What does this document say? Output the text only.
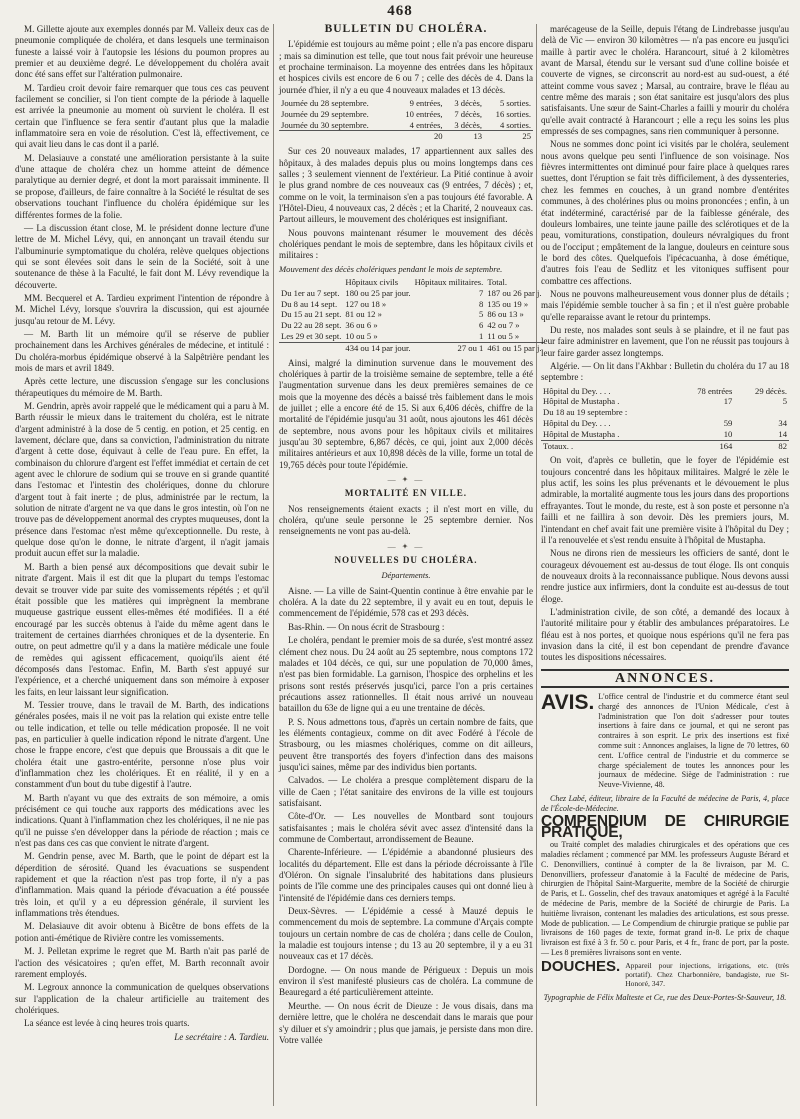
468

M. Gillette ajoute aux exemples donnés par M. Valleix deux cas de pneumonie compliquée de choléra, et dans lesquels une terminaison funeste a laissé voir à l'autopsie les lésions du poumon propres au premier et au deuxième degré. Le développement du choléra avait donc été sans effet sur l'altération pulmonaire.

M. Tardieu croit devoir faire remarquer que tous ces cas peuvent facilement se concilier, si l'on tient compte de la période à laquelle est arrivée la pneumonie au moment où survient le choléra. Il est certain que l'influence se fera sentir d'autant plus que la maladie inflammatoire sera en voie de résolution. C'est là, effectivement, ce qui avait lieu dans le cas dont il a parlé.

M. Delasiauve a constaté une amélioration persistante à la suite d'une attaque de choléra chez un homme atteint de démence paralytique au dernier degré, et dont la mort paraissait imminente. Il se propose, d'ailleurs, de faire connaître à la Société le résultat de ses observations touchant l'influence du choléra épidémique sur les différentes formes de la folie.

— La discussion étant close, M. le président donne lecture d'une lettre de M. Michel Lévy, qui, en annonçant un travail étendu sur l'albuminurie symptomatique du choléra, relève quelques objections qui se sont élevées soit dans le sein de la Société, soit à une soutenance de thèse à la Faculté, le fait dont M. Lévy revendique la découverte.

MM. Becquerel et A. Tardieu expriment l'intention de répondre à M. Michel Lévy, lorsque s'ouvrira la discussion, qui est ajournée jusqu'au retour de M. Lévy.

— M. Barth lit un mémoire qu'il se réserve de publier prochainement dans les Archives générales de médecine, et intitulé : Du choléra-morbus épidémique observé à la Salpêtrière pendant les mois de mars et avril 1849.

Après cette lecture, une discussion s'engage sur les conclusions thérapeutiques du mémoire de M. Barth.

M. Gendrin, après avoir rappelé que le médicament qui a paru à M. Barth réussir le mieux dans le traitement du choléra, est le nitrate d'argent administré à la dose de 5 centig. en potion, et 25 centig. en lavement, déclare que, dans sa conviction, l'administration du nitrate d'argent à cette dose, équivaut à celle de l'eau pure. En effet, la combinaison du chlorure d'argent est l'effet immédiat et certain de cet agent avec le chlorure de sodium qui se trouve en si grande quantité dans l'estomac et l'intestin des cholériques, donne du chlorure d'argent tout à fait inerte ; de plus, administrée par le rectum, la solution de nitrate d'argent ne va que dans le gros intestin, où l'on ne trouve pas de développement anormal des cryptes muqueuses, dont la présence dans l'estomac n'est même qu'exceptionnelle. Du reste, à quelque dose qu'on le donne, le nitrate d'argent, il n'agit jamais produit aucun effet sur la maladie.

M. Barth a bien pensé aux décompositions que devait subir le nitrate d'argent. Mais il est dit que la plupart du temps l'estomac devait se trouver vide par suite des vomissements répétés ; et qu'il était possible que les matières qui imprègnent la membrane muqueuse gastrique eussent elles-mêmes été modifiées. Il a été encouragé par les succès obtenus à l'aide du même agent dans le traitement de certaines diarrhées chroniques et de la dysenterie. En outre, on peut admettre qu'il y a dans la matière médicale une foule de remèdes qui agissent efficacement, quoiqu'ils aient été décomposés dans l'estomac. Enfin, M. Barth s'est appuyé sur l'expérience, et a cherché uniquement dans son mémoire à exposer les faits, en leur laissant leur signification.

M. Tessier trouve, dans le travail de M. Barth, des indications générales posées, mais il ne voit pas la relation qui existe entre telle ou telle indication, et telle ou telle médication proposée. Il ne voit pas, en particulier à quelle indication répond le nitrate d'argent. Une chose le frappe encore, c'est que depuis que Broussais a dit que le choléra était une gastro-entérite, personne n'ose plus voir d'inflammation chez les cholériques. Et en réalité, il y en a constamment d'un bout du tube digestif à l'autre.

M. Barth n'ayant vu que des extraits de son mémoire, a omis précisément ce qui touche aux rapports des médications avec les indications. Quant à l'inflammation chez les cholériques, il ne nie pas qu'il ne puisse s'en développer dans la période de réaction ; mais ce n'est pas dans ces cas que convient le nitrate d'argent.

M. Gendrin pense, avec M. Barth, que le point de départ est la déperdition de sérosité. Quand les évacuations se suspendent rapidement et que la réaction n'est pas trop forte, il n'y a pas d'inflammation. Mais quand la période d'évacuation a été poussée très loin, et qu'il y a eu dépression générale, il survient les inflammations très étendues.

M. Delasiauve dit avoir obtenu à Bicêtre de bons effets de la potion anti-émétique de Rivière contre les vomissements.

M. J. Pelletan exprime le regret que M. Barth n'ait pas parlé de l'action des vésicatoires ; qu'en effet, M. Barth reconnaît avoir rarement employés.

M. Legroux annonce la communication de quelques observations sur l'application de la chaleur artificielle au traitement des cholériques.

La séance est levée à cinq heures trois quarts.

Le secrétaire : A. Tardieu.

BULLETIN DU CHOLÉRA.

L'épidémie est toujours au même point ; elle n'a pas encore disparu ; mais sa diminution est telle, que tout nous fait prévoir une heureuse et prochaine terminaison. La moyenne des entrées dans les hôpitaux et hospices civils est encore de 6 ou 7 ; celle des décès de 4. Dans la journée d'hier, il n'y a eu que 4 nouveaux malades et 13 décès.

Journée du 28 septembre.	9 entrées,	3 décès,	5 sorties.
Journée du 29 septembre.	10 entrées,	7 décès,	16 sorties.
Journée du 30 septembre.	4 entrées,	3 décès,	4 sorties.
	20	13	25

Sur ces 20 nouveaux malades, 17 appartiennent aux salles des hôpitaux, à des malades depuis plus ou moins longtemps dans ces salles ; 3 seulement viennent de l'extérieur. La Pitié continue à avoir le plus grand nombre de ces nouveaux cas (9 entrées, 7 décès) ; et, comme on le voit, la terminaison s'en a pas toujours été favorable. A l'Hôtel-Dieu, 4 nouveaux cas, 2 décès ; et la Charité, 2 nouveaux cas. Partout ailleurs, le mouvement des cholériques est insignifiant.

Nous pouvons maintenant résumer le mouvement des décès cholériques pendant le mois de septembre, dans les hôpitaux civils et militaires :

Mouvement des décès cholériques pendant le mois de septembre.

	Hôpitaux civils	Hôpitaux militaires.	Total.
Du 1er au 7 sept.	180 ou 25 par jour.	7	187 ou 26 par j.
Du 8 au 14 sept.	127 ou 18 »	8	135 ou 19 »
Du 15 au 21 sept.	81 ou 12 »	5	86 ou 13 »
Du 22 au 28 sept.	36 ou 6 »	6	42 ou 7 »
Les 29 et 30 sept.	10 ou 5 »	1	11 ou 5 »
	434 ou 14 par jour.	27 ou 1	461 ou 15 par j.

Ainsi, malgré la diminution survenue dans le mouvement des cholériques à partir de la troisième semaine de septembre, telle a été l'augmentation survenue dans les deux premières semaines de ce mois que la moyenne des décès a baissé très faiblement dans le mois de juillet ; elle a encore été de 15. Si aux 6,406 décès, chiffre de la mortalité de l'épidémie jusqu'au 31 août, nous ajoutons les 461 décès de septembre, nous avons pour les hôpitaux civils et militaires jusqu'au 30 septembre, 6,867 décès, ce qui, joint aux 2,000 décès militaires antérieurs et aux 10,898 décès de la ville, forme un total de 19,765 décès pour toute l'épidémie.

— ✦ —
MORTALITÉ EN VILLE.

Nos renseignements étaient exacts ; il n'est mort en ville, du choléra, qu'une seule personne le 25 septembre dernier. Nos renseignements ne vont pas au-delà.

— ✦ —
NOUVELLES DU CHOLÉRA.
Départements.

Aisne. — La ville de Saint-Quentin continue à être envahie par le choléra. A la date du 22 septembre, il y avait eu en tout, depuis le commencement de l'épidémie, 578 cas et 293 décès.

Bas-Rhin. — On nous écrit de Strasbourg :

Le choléra, pendant le premier mois de sa durée, s'est montré assez clément chez nous. Du 24 août au 25 septembre, nous comptons 172 malades et 104 décès, ce qui, sur une population de 70,000 âmes, n'est pas bien formidable. La garnison, l'hospice des orphelins et les prisons sont restés préservés jusqu'ici, parce l'on a pris certaines précautions assez rationnelles. Il était nous arrivé un nouveau bataillon du 63e de ligne qui a eu une trentaine de décès.

P. S. Nous admettons tous, d'après un certain nombre de faits, que les éléments contagieux, comme on dit avec Fodéré à l'école de Strasbourg, ou les miasmes cholériques, comme on dit ailleurs, peuvent être transportés des foyers d'infection dans des maisons jusqu'ici saines, même par des individus bien portants.

Calvados. — Le choléra a presque complètement disparu de la ville de Caen ; l'état sanitaire des environs de la ville est toujours satisfaisant.

Côte-d'Or. — Les nouvelles de Montbard sont toujours satisfaisantes ; mais le choléra sévit avec assez d'intensité dans la commune de Combertaut, arrondissement de Beaune.

Charente-Inférieure. — L'épidémie a abandonné plusieurs des localités du département. Elle est dans la période décroissante à l'île d'Oléron. On signale l'insalubrité des habitations dans plusieurs points de l'île comme une des principales causes qui ont donné lieu à l'intensité de l'épidémie dans ces derniers temps.

Deux-Sèvres. — L'épidémie a cessé à Mauzé depuis le commencement du mois de septembre. La commune d'Arçais compte toujours un certain nombre de cas de choléra ; dans celle de Coulon, la maladie est toujours intense ; du 13 au 20 septembre, il y a eu 31 nouveaux cas et 17 décès.

Dordogne. — On nous mande de Périgueux : Depuis un mois environ il s'est manifesté plusieurs cas de choléra. La commune de Beauregard a été particulièrement atteinte.

Meurthe. — On nous écrit de Dieuze : Je vous disais, dans ma dernière lettre, que le choléra ne descendait dans le marais que pour s'y diluer et s'y amoindrir ; plus que jamais, je persiste dans mon dire. Votre vallée

marécageuse de la Seille, depuis l'étang de Lindrebasse jusqu'au delà de Vic — environ 30 kilomètres — n'a pas encore eu jusqu'ici maille à partir avec le choléra. Harancourt, situé à 2 kilomètres avant de Marsal, étendu sur le versant sud d'une colline boisée et couverte de vignes, se circonscrit au nord-est au sud-ouest, a été atteint comme vous savez ; Marsal, au contraire, brave le fléau au centre même des marais ; son état sanitaire est jusqu'alors des plus satisfaisants. Une sœur de Saint-Charles a failli y mourir du choléra qu'elle avait contracté à Harancourt ; elle a reçu les soins les plus empressés de ses compagnes, sans rien communiquer à personne.

Nous ne sommes donc point ici visités par le choléra, seulement nous avons quelque peu senti l'influence de son voisinage. Nos fièvres intermittentes ont diminué pour faire place à quelques rares suettes, dont l'éruption se fait très difficilement, à des dyssenteries, chez les femmes en couches, à un grand nombre d'entérites communes, à des cholérines plus ou moins prononcées ; enfin, à un état indéterminé, caractérisé par de la faiblesse générale, des douleurs lombaires, une teinte jaune paille des sclérotiques et de la peau, vomiturations, constipation, douleurs névralgiques du front ou de l'occiput ; empâtement de la langue, douleurs en ceinture sous le bord des côtes. Quelquefois l'ipécacuanha, à dose émétique, d'autres fois l'eau de Sedlitz et les vitoniques suffisent pour combattre ces affections.

Nous ne pouvons malheureusement vous donner plus de détails ; mais l'épidémie semble toucher à sa fin ; et il n'est guère probable qu'elle reparaisse avant le retour du printemps.

Du reste, nos malades sont seuls à se plaindre, et il ne faut pas leur faire administrer en lavement, que l'on ne réussit pas toujours à leur faire garder assez longtemps.

Algérie. — On lit dans l'Akhbar : Bulletin du choléra du 17 au 18 septembre :

Hôpital du Dey. . . .	78 entrées	29 décès.
Hôpital de Mustapha .	17	5
Du 18 au 19 septembre :		
Hôpital du Dey. . . .	59	34
Hôpital de Mustapha .	10	14
Totaux. .	164	82

On voit, d'après ce bulletin, que le foyer de l'épidémie est toujours concentré dans les hôpitaux militaires. Malgré le zèle le plus actif, les soins les plus prévenants et le dévouement le plus admirable, la mortalité augmente tous les jours dans des proportions effrayantes. Tout le monde, du reste, est à son poste et personne n'a failli et ne faillira à son devoir. Dès les premiers jours, M. l'intendant en chef avait fait une première visite à l'hôpital du Dey ; il l'a renouvelée et s'est rendu ensuite à l'hôpital de Mustapha.

Nous ne dirons rien de messieurs les officiers de santé, dont le courageux dévouement est au-dessus de tout éloge. Ils ont conquis de nouveaux droits à la reconnaissance publique. Nous devons aussi rendre justice aux infirmiers, dont la conduite est au-dessus de tout éloge.

L'administration civile, de son côté, a demandé des locaux à l'autorité militaire pour y établir des ambulances préparatoires. Le fléau est à nos portes, et quoique nous espérions qu'il ne fera pas invasion dans la cité, il est bon cependant de prendre d'avance toutes les dispositions nécessaires.

ANNONCES.
AVIS. L'office central de l'industrie et du commerce étant seul chargé des annonces de l'Union Médicale, c'est à l'administration que l'on doit s'adresser pour toutes insertions à faire dans ce journal, et qui ne seront pas contraires à son esprit. Le prix des insertions est fixé comme suit : Annonces anglaises, la ligne de 70 lettres, 60 cent. L'office central de l'industrie et du commerce se charge spécialement de toutes les annonces pour les journaux de médecine. Siège de l'administration : rue Neuve-Vivienne, 48.

Chez Labé, éditeur, libraire de la Faculté de médecine de Paris, 4, place de l'École-de-Médecine.

COMPENDIUM DE CHIRURGIE PRATIQUE,

ou Traité complet des maladies chirurgicales et des opérations que ces maladies réclament ; commencé par MM. les professeurs Auguste Bérard et C. Denonvilliers, continué à compter de la 8e livraison, par M. C. Denonvilliers, professeur d'anatomie à la Faculté de médecine de Paris, chirurgien de l'hôpital Saint-Marguerite, membre de la Société de chirurgie de Paris, et L. Gosselin, chef des travaux anatomiques et agrégé à la Faculté de médecine de Paris, membre de la Société de chirurgie de Paris. La huitième livraison, contenant les maladies des articulations, est sous presse. Mode de publication. — Le Compendium de chirurgie pratique se publie par livraisons de 160 pages de texte, format grand in-8. Le prix de chaque livraison est fixé à 3 fr. 50 c. pour Paris, et 4 fr., franc de port, par la poste. — Les 8 premières livraisons sont en vente.

DOUCHES. Appareil pour injections, irrigations, etc. (très portatif). Chez Charbonnière, bandagiste, rue St-Honoré, 347.
Typographie de Félix Malteste et Ce, rue des Deux-Portes-St-Sauveur, 18.
